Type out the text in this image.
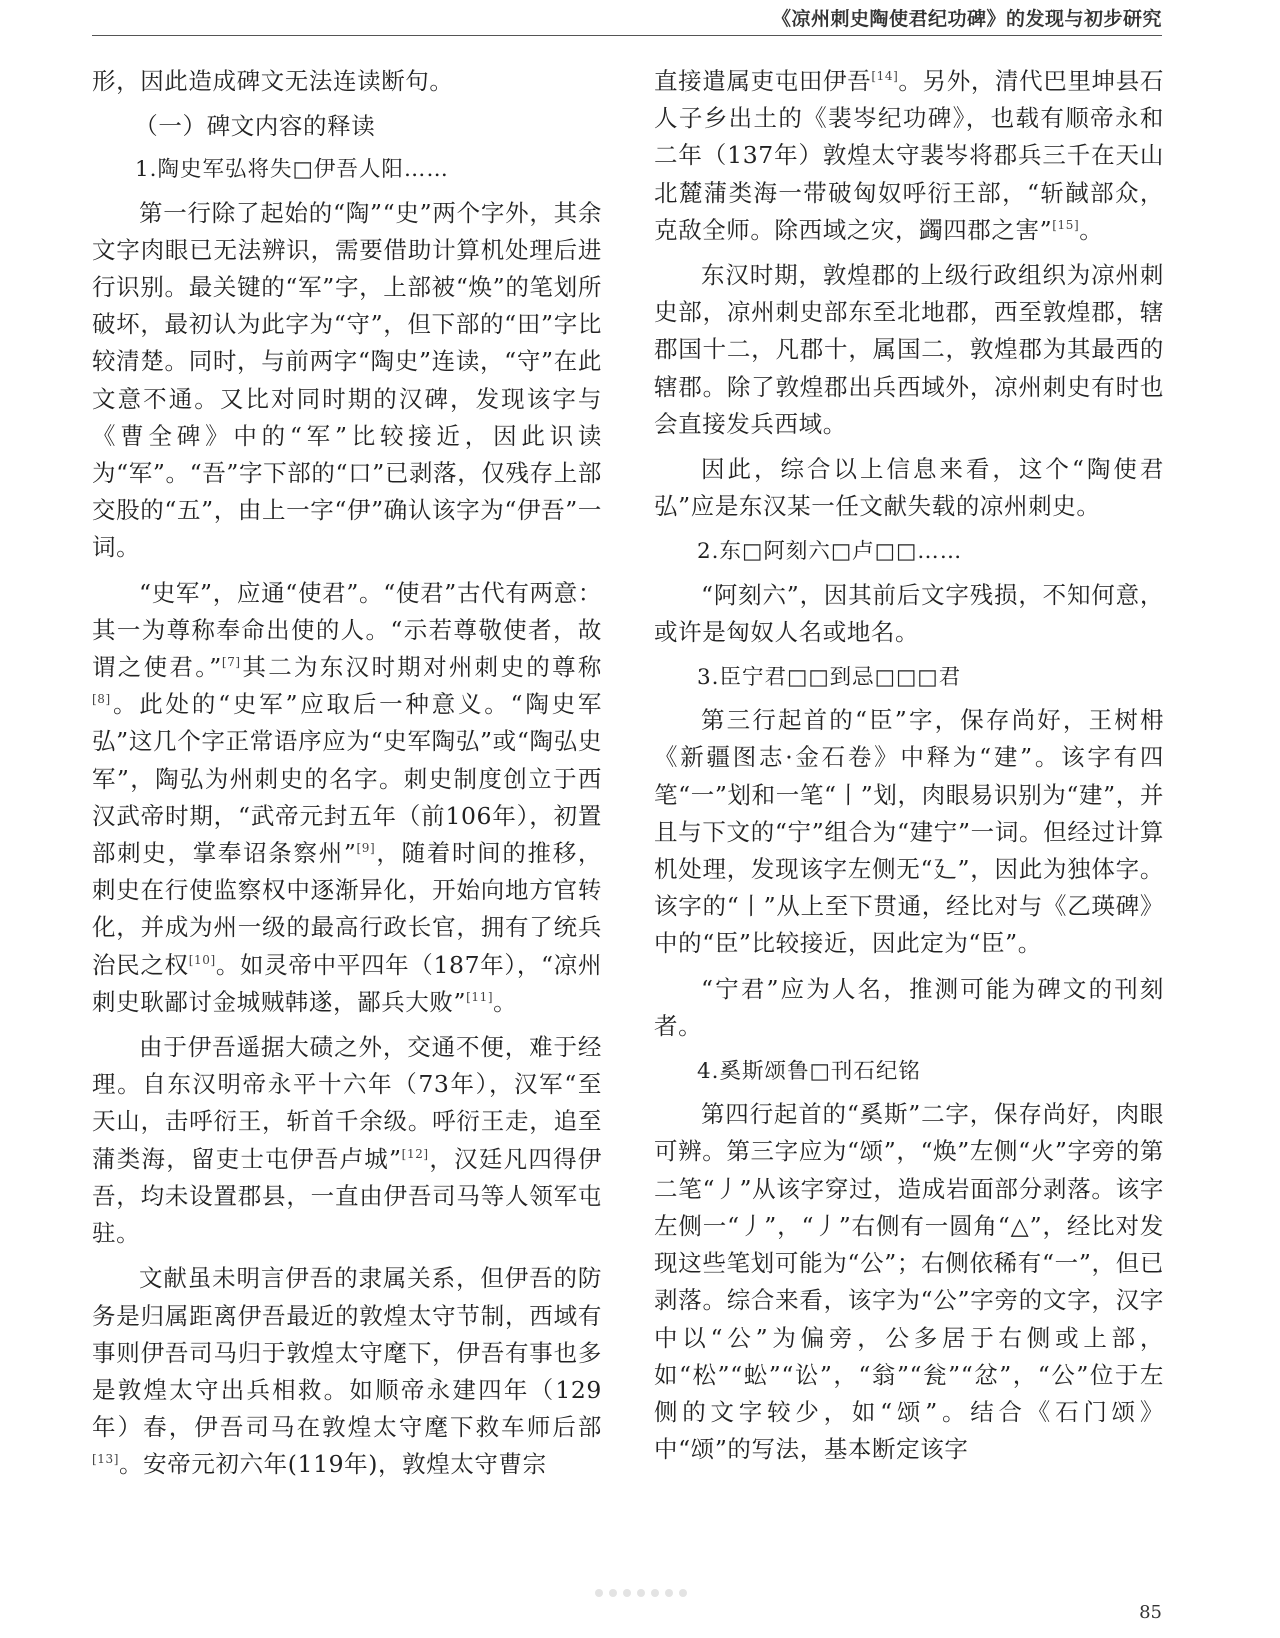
《凉州刺史陶使君纪功碑》的发现与初步研究

形，因此造成碑文无法连读断句。

（一）碑文内容的释读
1.陶史军弘将失□伊吾人阳……

第一行除了起始的“陶”“史”两个字外，其余文字肉眼已无法辨识，需要借助计算机处理后进行识别。最关键的“军”字，上部被“焕”的笔划所破坏，最初认为此字为“守”，但下部的“田”字比较清楚。同时，与前两字“陶史”连读，“守”在此文意不通。又比对同时期的汉碑，发现该字与《曹全碑》中的“军”比较接近，因此识读为“军”。“吾”字下部的“口”已剥落，仅残存上部交股的“五”，由上一字“伊”确认该字为“伊吾”一词。

“史军”，应通“使君”。“使君”古代有两意：其一为尊称奉命出使的人。“示若尊敬使者，故谓之使君。”[7]其二为东汉时期对州刺史的尊称[8]。此处的“史军”应取后一种意义。“陶史军弘”这几个字正常语序应为“史军陶弘”或“陶弘史军”，陶弘为州刺史的名字。刺史制度创立于西汉武帝时期，“武帝元封五年（前106年），初置部刺史，掌奉诏条察州”[9]，随着时间的推移，刺史在行使监察权中逐渐异化，开始向地方官转化，并成为州一级的最高行政长官，拥有了统兵治民之权[10]。如灵帝中平四年（187年），“凉州刺史耿鄙讨金城贼韩遂，鄙兵大败”[11]。

由于伊吾遥据大碛之外，交通不便，难于经理。自东汉明帝永平十六年（73年），汉军“至天山，击呼衍王，斩首千余级。呼衍王走，追至蒲类海，留吏士屯伊吾卢城”[12]，汉廷凡四得伊吾，均未设置郡县，一直由伊吾司马等人领军屯驻。

文献虽未明言伊吾的隶属关系，但伊吾的防务是归属距离伊吾最近的敦煌太守节制，西域有事则伊吾司马归于敦煌太守麾下，伊吾有事也多是敦煌太守出兵相救。如顺帝永建四年（129年）春，伊吾司马在敦煌太守麾下救车师后部[13]。安帝元初六年(119年)，敦煌太守曹宗

直接遣属吏屯田伊吾[14]。另外，清代巴里坤县石人子乡出土的《裴岑纪功碑》，也载有顺帝永和二年（137年）敦煌太守裴岑将郡兵三千在天山北麓蒲类海一带破匈奴呼衍王部，“斩馘部众，克敌全师。除西域之灾，蠲四郡之害”[15]。

东汉时期，敦煌郡的上级行政组织为凉州刺史部，凉州刺史部东至北地郡，西至敦煌郡，辖郡国十二，凡郡十，属国二，敦煌郡为其最西的辖郡。除了敦煌郡出兵西域外，凉州刺史有时也会直接发兵西域。

因此，综合以上信息来看，这个“陶使君弘”应是东汉某一任文献失载的凉州刺史。

2.东□阿刻六□卢□□……

“阿刻六”，因其前后文字残损，不知何意，或许是匈奴人名或地名。

3.臣宁君□□到忌□□□君

第三行起首的“臣”字，保存尚好，王树枏《新疆图志·金石卷》中释为“建”。该字有四笔“一”划和一笔“丨”划，肉眼易识别为“建”，并且与下文的“宁”组合为“建宁”一词。但经过计算机处理，发现该字左侧无“廴”，因此为独体字。该字的“丨”从上至下贯通，经比对与《乙瑛碑》中的“臣”比较接近，因此定为“臣”。

“宁君”应为人名，推测可能为碑文的刊刻者。

4.奚斯颂鲁□刊石纪铭

第四行起首的“奚斯”二字，保存尚好，肉眼可辨。第三字应为“颂”，“焕”左侧“火”字旁的第二笔“丿”从该字穿过，造成岩面部分剥落。该字左侧一“丿”，“丿”右侧有一圆角“△”，经比对发现这些笔划可能为“公”；右侧依稀有“一”，但已剥落。综合来看，该字为“公”字旁的文字，汉字中以“公”为偏旁，公多居于右侧或上部，如“松”“蚣”“讼”，“翁”“瓮”“忿”，“公”位于左侧的文字较少，如“颂”。结合《石门颂》中“颂”的写法，基本断定该字

85
